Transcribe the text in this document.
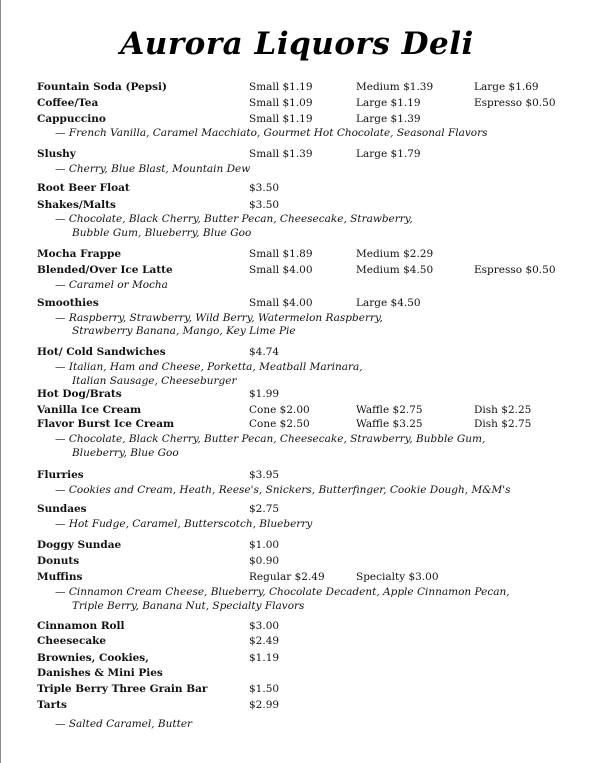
Aurora Liquors Deli
Fountain Soda (Pepsi)	Small $1.19	Medium $1.39	Large $1.69
Coffee/Tea	Small $1.09	Large $1.19	Espresso $0.50
Cappuccino	Small $1.19	Large $1.39
Slushy	Small $1.39	Large $1.79
Root Beer Float	$3.50
Shakes/Malts	$3.50
Mocha Frappe	Small $1.89	Medium $2.29
Blended/Over Ice Latte	Small $4.00	Medium $4.50	Espresso $0.50
Smoothies	Small $4.00	Large $4.50
Hot/ Cold Sandwiches	$4.74
Hot Dog/Brats	$1.99
Vanilla Ice Cream	Cone $2.00	Waffle $2.75	Dish $2.25
Flavor Burst Ice Cream	Cone $2.50	Waffle $3.25	Dish $2.75
Flurries	$3.95
Sundaes	$2.75
Doggy Sundae	$1.00
Donuts	$0.90
Muffins	Regular $2.49	Specialty $3.00
Cinnamon Roll	$3.00
Cheesecake	$2.49
Brownies, Cookies,	$1.19
Danishes & Mini Pies
Triple Berry Three Grain Bar	$1.50
Tarts	$2.99
— French Vanilla, Caramel Macchiato, Gourmet Hot Chocolate, Seasonal Flavors
— Cherry, Blue Blast, Mountain Dew
— Chocolate, Black Cherry, Butter Pecan, Cheesecake, Strawberry,
Bubble Gum, Blueberry, Blue Goo
— Caramel or Mocha
— Raspberry, Strawberry, Wild Berry, Watermelon Raspberry,
Strawberry Banana, Mango, Key Lime Pie
— Italian, Ham and Cheese, Porketta, Meatball Marinara,
Italian Sausage, Cheeseburger
— Chocolate, Black Cherry, Butter Pecan, Cheesecake, Strawberry, Bubble Gum,
Blueberry, Blue Goo
— Cookies and Cream, Heath, Reese's, Snickers, Butterfinger, Cookie Dough, M&M's
— Hot Fudge, Caramel, Butterscotch, Blueberry
— Cinnamon Cream Cheese, Blueberry, Chocolate Decadent, Apple Cinnamon Pecan,
Triple Berry, Banana Nut, Specialty Flavors
— Salted Caramel, Butter
